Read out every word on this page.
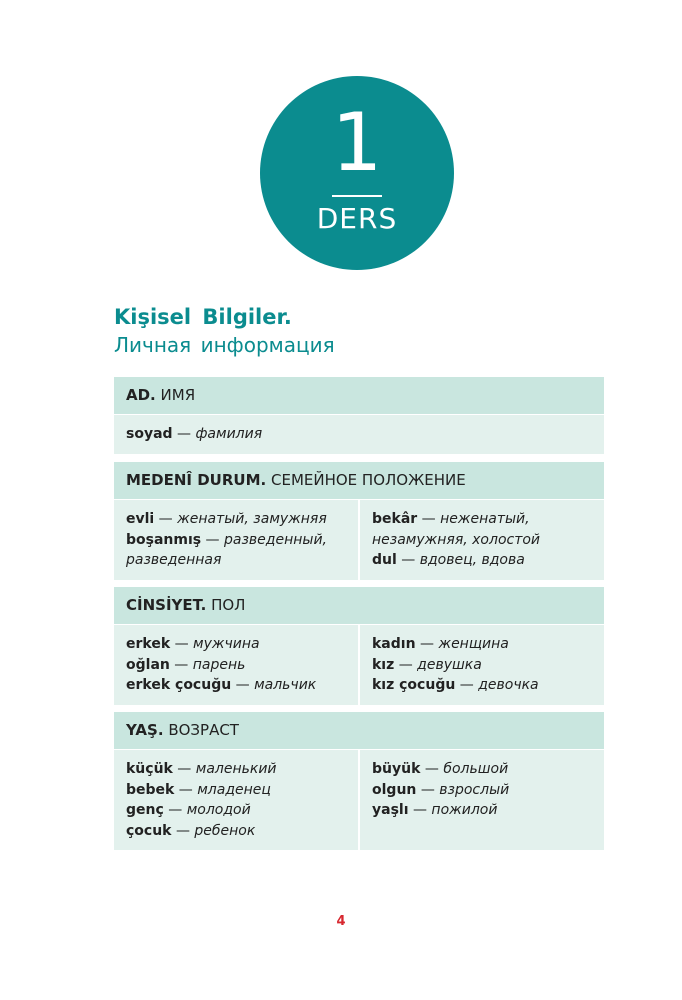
1
DERS
Kişisel Bilgiler.
Личная информация
AD. ИМЯ
soyad — фамилия
MEDENÎ DURUM. СЕМЕЙНОЕ ПОЛОЖЕНИЕ
evli — женатый, замужняя
boşanmış — разведенный, разведенная
bekâr — неженатый, незамужняя, холостой
dul — вдовец, вдова
CİNSİYET. ПОЛ
erkek — мужчина
oğlan — парень
erkek çocuğu — мальчик
kadın — женщина
kız — девушка
kız çocuğu — девочка
YAŞ. ВОЗРАСТ
küçük — маленький
bebek — младенец
genç — молодой
çocuk — ребенок
büyük — большой
olgun — взрослый
yaşlı — пожилой
4
